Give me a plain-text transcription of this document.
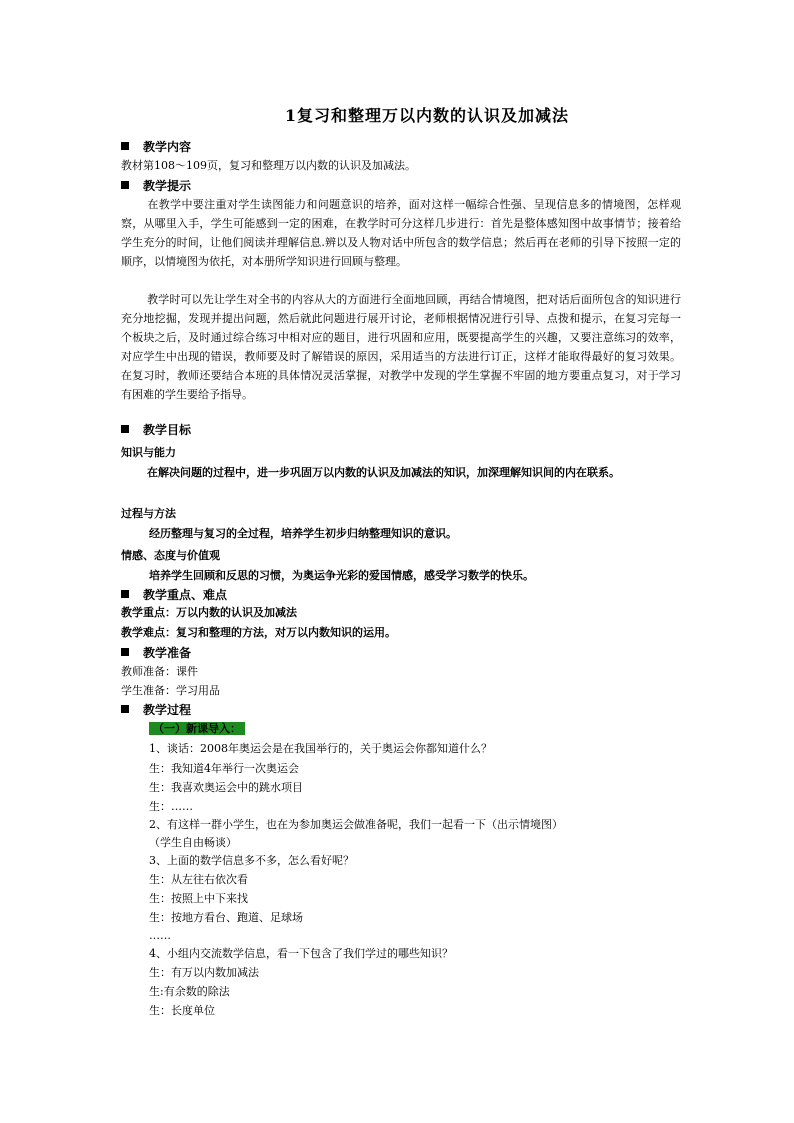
1复习和整理万以内数的认识及加减法
教学内容
教材第108～109页，复习和整理万以内数的认识及加减法。
教学提示
在教学中要注重对学生读图能力和问题意识的培养，面对这样一幅综合性强、呈现信息多的情境图，怎样观察，从哪里入手，学生可能感到一定的困难，在教学时可分这样几步进行：首先是整体感知图中故事情节；接着给学生充分的时间，让他们阅读并理解信息.辨以及人物对话中所包含的数学信息；然后再在老师的引导下按照一定的顺序，以情境图为依托，对本册所学知识进行回顾与整理。
教学时可以先让学生对全书的内容从大的方面进行全面地回顾，再结合情境图，把对话后面所包含的知识进行充分地挖掘，发现并提出问题，然后就此问题进行展开讨论，老师根据情况进行引导、点拨和提示，在复习完每一个板块之后，及时通过综合练习中相对应的题目，进行巩固和应用，既要提高学生的兴趣，又要注意练习的效率，对应学生中出现的错误，教师要及时了解错误的原因，采用适当的方法进行订正，这样才能取得最好的复习效果。在复习时，教师还要结合本班的具体情况灵活掌握，对教学中发现的学生掌握不牢固的地方要重点复习，对于学习有困难的学生要给予指导。
教学目标
知识与能力
在解决问题的过程中，进一步巩固万以内数的认识及加减法的知识，加深理解知识间的内在联系。
过程与方法
经历整理与复习的全过程，培养学生初步归纳整理知识的意识。
情感、态度与价值观
培养学生回顾和反思的习惯，为奥运争光彩的爱国情感，感受学习数学的快乐。
教学重点、难点
教学重点：万以内数的认识及加减法
教学难点：复习和整理的方法，对万以内数知识的运用。
教学准备
教师准备：课件
学生准备：学习用品
教学过程
（一）新课导入：
1、谈话：2008年奥运会是在我国举行的，关于奥运会你都知道什么？
生：我知道4年举行一次奥运会
生：我喜欢奥运会中的跳水项目
生：……
2、有这样一群小学生，也在为参加奥运会做准备呢，我们一起看一下（出示情境图）
（学生自由畅谈）
3、上面的数学信息多不多，怎么看好呢？
生：从左往右依次看
生：按照上中下来找
生：按地方看台、跑道、足球场
……
4、小组内交流数学信息，看一下包含了我们学过的哪些知识？
生：有万以内数加减法
生:有余数的除法
生：长度单位
